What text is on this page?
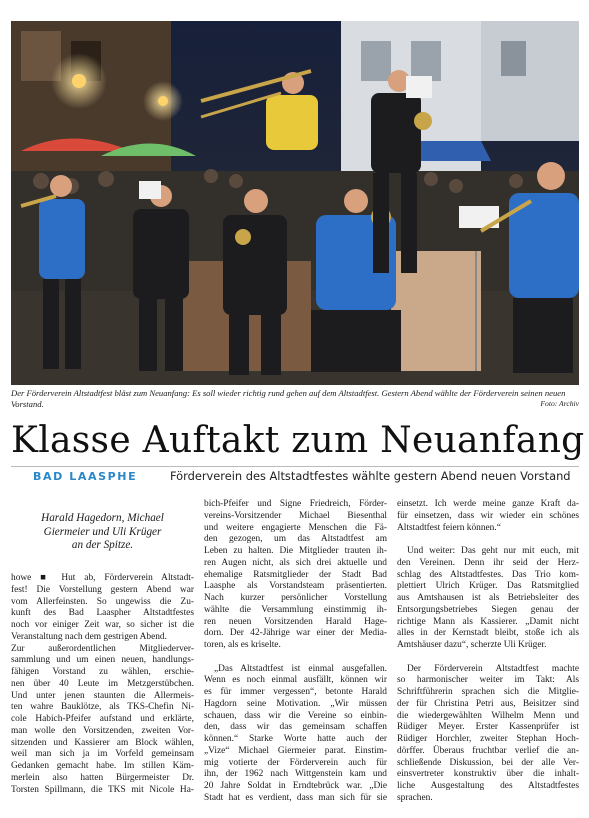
Der Förderverein Altstadtfest bläst zum Neuanfang: Es soll wieder richtig rund gehen auf dem Altstadtfest. Gestern Abend wählte der Förderverein seinen neuen Vorstand.	Foto: Archiv
Klasse Auftakt zum Neuanfang
BAD LAASPHE	Förderverein des Altstadtfestes wählte gestern Abend neuen Vorstand
Harald Hagedorn, Michael
Giermeier und Uli Krüger
an der Spitze.
howe ■ Hut ab, Förderverein Altstadt-
fest! Die Vorstellung gestern Abend war
vom Allerfeinsten. So ungewiss die Zu-
kunft des Bad Laaspher Altstadtfestes
noch vor einiger Zeit war, so sicher ist die
Veranstaltung nach dem gestrigen Abend.
Zur außerordentlichen Mitgliederver-
sammlung und um einen neuen, handlungs-
fähigen Vorstand zu wählen, erschie-
nen über 40 Leute im Metzgerstübchen.
Und unter jenen staunten die Allermeis-
ten wahre Bauklötze, als TKS-Chefin Ni-
cole Habich-Pfeifer aufstand und erklärte,
man wolle den Vorsitzenden, zweiten Vor-
sitzenden und Kassierer am Block wählen,
weil man sich ja im Vorfeld gemeinsam
Gedanken gemacht habe. Im stillen Käm-
merlein also hatten Bürgermeister Dr.
Torsten Spillmann, die TKS mit Nicole Ha-
bich-Pfeifer und Signe Friedreich, Förder-
vereins-Vorsitzender Michael Biesenthal
und weitere engagierte Menschen die Fä-
den gezogen, um das Altstadtfest am
Leben zu halten. Die Mitglieder trauten ih-
ren Augen nicht, als sich drei aktuelle und
ehemalige Ratsmitglieder der Stadt Bad
Laasphe als Vorstandsteam präsentierten.
Nach kurzer persönlicher Vorstellung
wählte die Versammlung einstimmig ih-
ren neuen Vorsitzenden Harald Hage-
dorn. Der 42-Jährige war einer der Media-
toren, als es kriselte.
„Das Altstadtfest ist einmal ausgefallen.
Wenn es noch einmal ausfällt, können wir
es für immer vergessen“, betonte Harald
Hagdorn seine Motivation. „Wir müssen
schauen, dass wir die Vereine so einbin-
den, dass wir das gemeinsam schaffen
können.“ Starke Worte hatte auch der
„Vize“ Michael Giermeier parat. Einstim-
mig votierte der Förderverein auch für
ihn, der 1962 nach Wittgenstein kam und
20 Jahre Soldat in Erndtebrück war. „Die
Stadt hat es verdient, dass man sich für sie
einsetzt. Ich werde meine ganze Kraft da-
für einsetzen, dass wir wieder ein schönes
Altstadtfest feiern können.“
Und weiter: Das geht nur mit euch, mit
den Vereinen. Denn ihr seid der Herz-
schlag des Altstadtfestes. Das Trio kom-
plettiert Ulrich Krüger. Das Ratsmitglied
aus Amtshausen ist als Betriebsleiter des
Entsorgungsbetriebes Siegen genau der
richtige Mann als Kassierer. „Damit nicht
alles in der Kernstadt bleibt, stoße ich als
Amtshäuser dazu“, scherzte Uli Krüger.
Der Förderverein Altstadtfest machte
so harmonischer weiter im Takt: Als
Schriftführerin sprachen sich die Mitglie-
der für Christina Petri aus, Beisitzer sind
die wiedergewählten Wilhelm Menn und
Rüdiger Meyer. Erster Kassenprüfer ist
Rüdiger Horchler, zweiter Stephan Hoch-
dörffer. Überaus fruchtbar verlief die an-
schließende Diskussion, bei der alle Ver-
einsvertreter konstruktiv über die inhalt-
liche Ausgestaltung des Altstadtfestes
sprachen.
